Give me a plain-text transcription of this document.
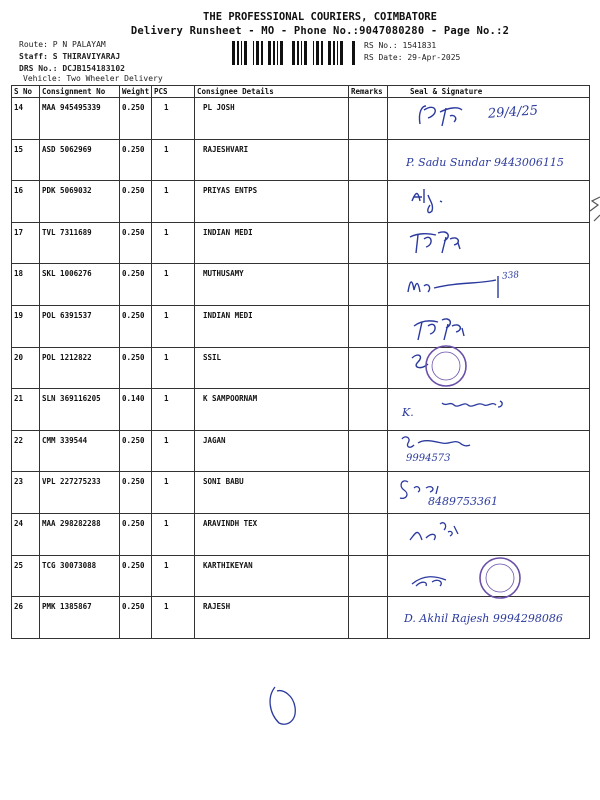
THE PROFESSIONAL COURIERS, COIMBATORE
Delivery Runsheet - MO - Phone No.:9047080280 - Page No.:2
Route: P N PALAYAM
Staff: S THIRAVIYARAJ
DRS No.: DCJB154183102
Vehicle: Two Wheeler Delivery
RS No.: 1541831
RS Date: 29-Apr-2025
S No	Consignment No	Weight	PCS	Consignee Details	Remarks	Seal & Signature
14	MAA 945495339	0.250	1	PL JOSH		29/4/25

15	ASD 5062969	0.250	1	RAJESHVARI		P. Sadu Sundar 9443006115

16	PDK 5069032	0.250	1	PRIYAS ENTPS		

17	TVL 7311689	0.250	1	INDIAN MEDI		

18	SKL 1006276	0.250	1	MUTHUSAMY		338

19	POL 6391537	0.250	1	INDIAN MEDI		

20	POL 1212822	0.250	1	SSIL		

21	SLN 369116205	0.140	1	K SAMPOORNAM		K.

22	CMM 339544	0.250	1	JAGAN		9994573

23	VPL 227275233	0.250	1	SONI BABU		8489753361

24	MAA 298282288	0.250	1	ARAVINDH TEX		

25	TCG 30073088	0.250	1	KARTHIKEYAN		

26	PMK 1385867	0.250	1	RAJESH		D. Akhil Rajesh 9994298086
